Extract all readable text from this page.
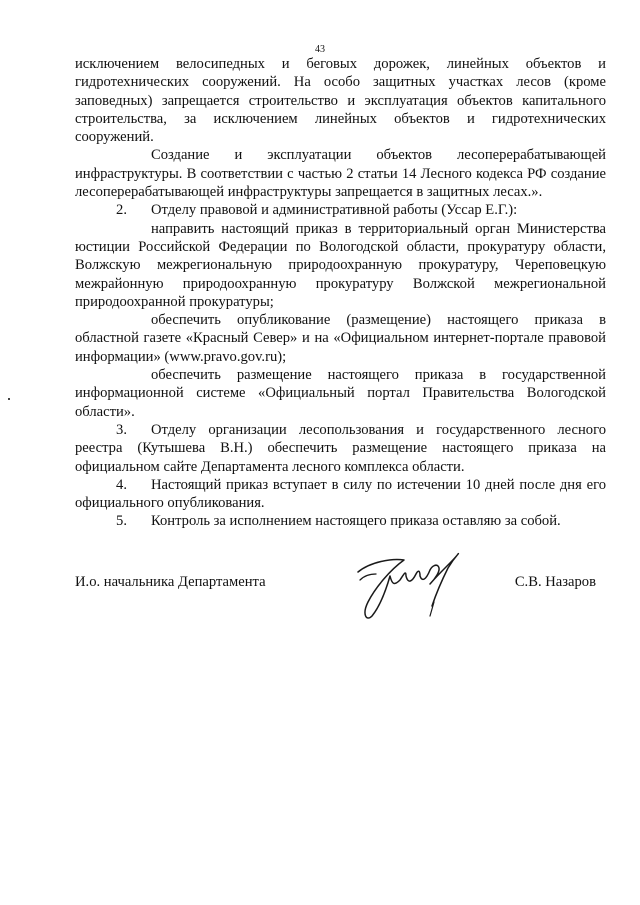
43

исключением велосипедных и беговых дорожек, линейных объектов и гидротехнических сооружений. На особо защитных участках лесов (кроме заповедных) запрещается строительство и эксплуатация объектов капитального строительства, за исключением линейных объектов и гидротехнических сооружений.

Создание и эксплуатации объектов лесоперерабатывающей инфраструктуры. В соответствии с частью 2 статьи 14 Лесного кодекса РФ создание лесоперерабатывающей инфраструктуры запрещается в защитных лесах.».

2. Отделу правовой и административной работы (Уссар Е.Г.):

направить настоящий приказ в территориальный орган Министерства юстиции Российской Федерации по Вологодской области, прокуратуру области, Волжскую межрегиональную природоохранную прокуратуру, Череповецкую межрайонную природоохранную прокуратуру Волжской межрегиональной природоохранной прокуратуры;

обеспечить опубликование (размещение) настоящего приказа в областной газете «Красный Север» и на «Официальном интернет-портале правовой информации» (www.pravo.gov.ru);

обеспечить размещение настоящего приказа в государственной информационной системе «Официальный портал Правительства Вологодской области».

3. Отделу организации лесопользования и государственного лесного реестра (Кутышева В.Н.) обеспечить размещение настоящего приказа на официальном сайте Департамента лесного комплекса области.

4. Настоящий приказ вступает в силу по истечении 10 дней после дня его официального опубликования.

5. Контроль за исполнением настоящего приказа оставляю за собой.

И.о. начальника Департамента	С.В. Назаров
